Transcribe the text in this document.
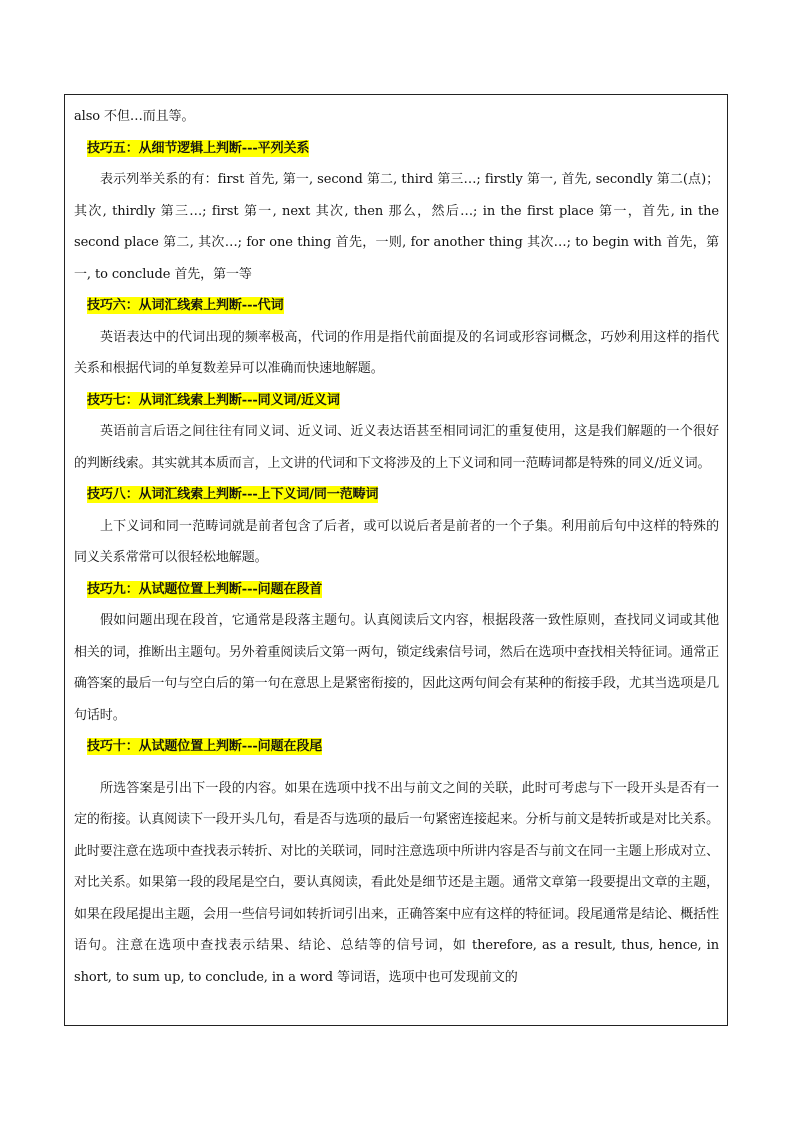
also 不但…而且等。

技巧五：从细节逻辑上判断---平列关系

表示列举关系的有：first 首先, 第一, second 第二, third 第三…; firstly 第一, 首先, secondly 第二(点)；其次, thirdly 第三…; first 第一, next 其次, then 那么，然后…; in the first place 第一，首先, in the second place 第二, 其次…; for one thing 首先，一则, for another thing 其次…; to begin with 首先，第一, to conclude 首先，第一等

技巧六：从词汇线索上判断---代词

英语表达中的代词出现的频率极高，代词的作用是指代前面提及的名词或形容词概念，巧妙利用这样的指代关系和根据代词的单复数差异可以准确而快速地解题。

技巧七：从词汇线索上判断---同义词/近义词

英语前言后语之间往往有同义词、近义词、近义表达语甚至相同词汇的重复使用，这是我们解题的一个很好的判断线索。其实就其本质而言，上文讲的代词和下文将涉及的上下义词和同一范畴词都是特殊的同义/近义词。

技巧八：从词汇线索上判断---上下义词/同一范畴词

上下义词和同一范畴词就是前者包含了后者，或可以说后者是前者的一个子集。利用前后句中这样的特殊的同义关系常常可以很轻松地解题。

技巧九：从试题位置上判断---问题在段首

假如问题出现在段首，它通常是段落主题句。认真阅读后文内容，根据段落一致性原则，查找同义词或其他相关的词，推断出主题句。另外着重阅读后文第一两句，锁定线索信号词，然后在选项中查找相关特征词。通常正确答案的最后一句与空白后的第一句在意思上是紧密衔接的，因此这两句间会有某种的衔接手段，尤其当选项是几句话时。

技巧十：从试题位置上判断---问题在段尾

所选答案是引出下一段的内容。如果在选项中找不出与前文之间的关联，此时可考虑与下一段开头是否有一定的衔接。认真阅读下一段开头几句，看是否与选项的最后一句紧密连接起来。分析与前文是转折或是对比关系。此时要注意在选项中查找表示转折、对比的关联词，同时注意选项中所讲内容是否与前文在同一主题上形成对立、对比关系。如果第一段的段尾是空白，要认真阅读，看此处是细节还是主题。通常文章第一段要提出文章的主题，如果在段尾提出主题，会用一些信号词如转折词引出来，正确答案中应有这样的特征词。段尾通常是结论、概括性语句。注意在选项中查找表示结果、结论、总结等的信号词，如 therefore, as a result, thus, hence, in short, to sum up, to conclude, in a word 等词语，选项中也可发现前文的
